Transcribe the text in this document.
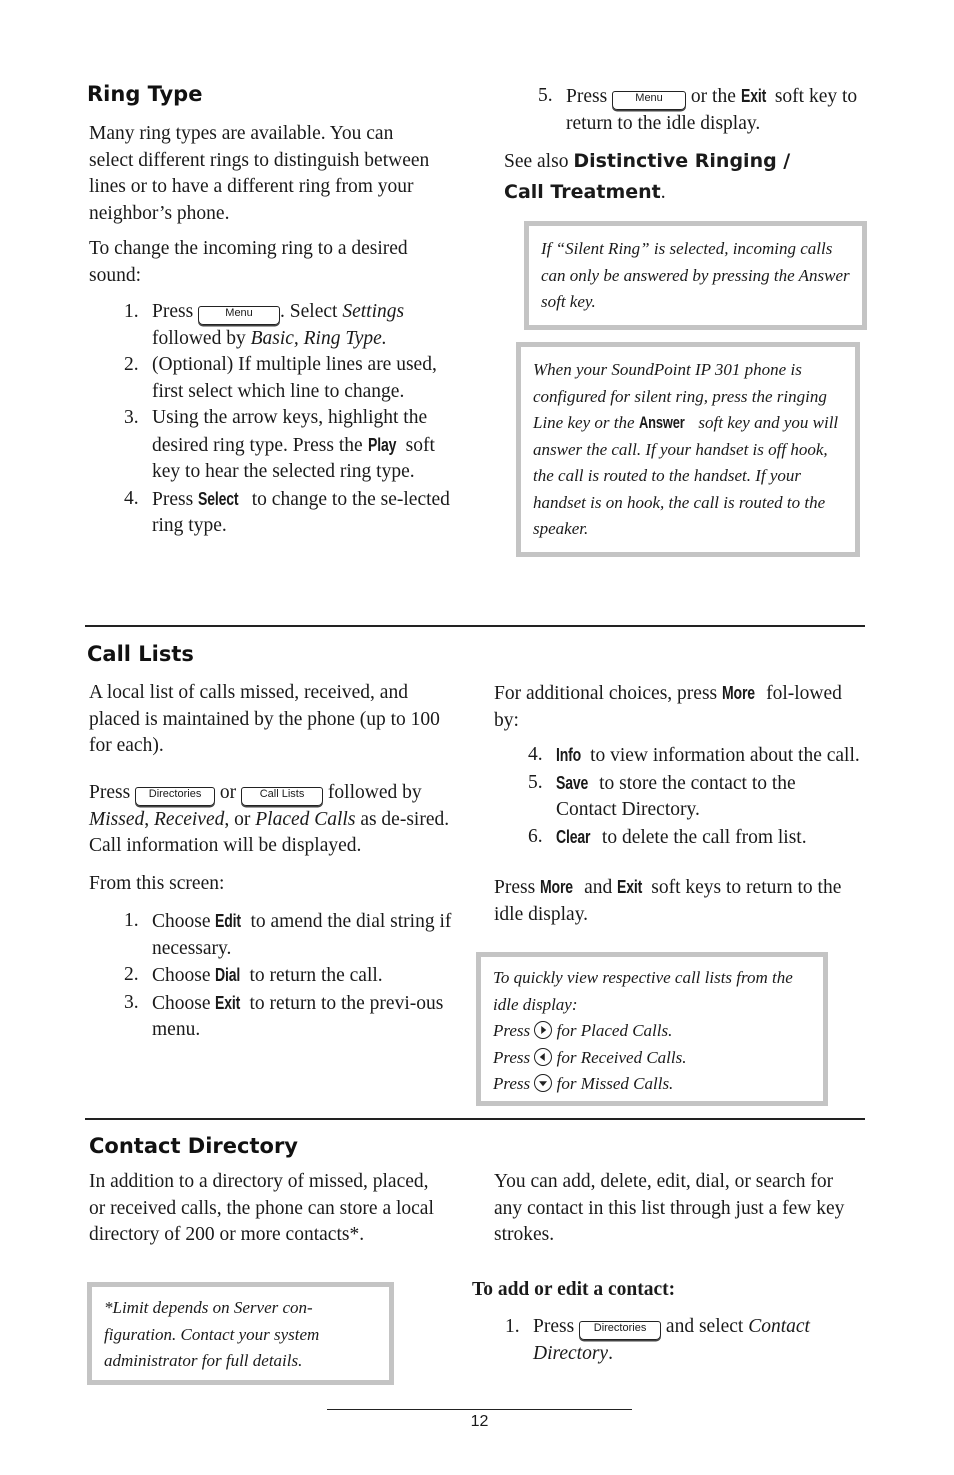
Ring Type

Many ring types are available. You can select different rings to distinguish between lines or to have a different ring from your neighbor’s phone.

To change the incoming ring to a desired sound:

1. Press	Menu . Select Settings followed by Basic, Ring Type.
2. (Optional) If multiple lines are used, first select which line to change.
3. Using the arrow keys, highlight the desired ring type. Press the Play soft key to hear the selected ring type.
4. Press Select to change to the se-lected ring type.
5. Press	Menu or the Exit soft key to return to the idle display.
See also Distinctive Ringing /
Call Treatment.
If “Silent Ring” is selected, incoming calls can only be answered by pressing the Answer soft key.
When your SoundPoint IP 301 phone is configured for silent ring, press the ringing Line key or the Answer soft key and you will answer the call. If your handset is off hook, the call is routed to the handset. If your handset is on hook, the call is routed to the speaker.
Call Lists

A local list of calls missed, received, and placed is maintained by the phone (up to 100 for each).

Press Directories or Call Lists followed by Missed, Received, or Placed Calls as de-sired. Call information will be displayed.

From this screen:

1. Choose Edit to amend the dial string if necessary.
2. Choose Dial to return the call.
3. Choose Exit to return to the previ-ous menu.
For additional choices, press More fol-lowed by:
4. Info to view information about the call.
5. Save to store the contact to the Contact Directory.
6. Clear to delete the call from list.
Press More and Exit soft keys to return to the idle display.
To quickly view respective call lists from the idle display:
Press for Placed Calls.
Press for Received Calls.
Press for Missed Calls.
Contact Directory

In addition to a directory of missed, placed, or received calls, the phone can store a local directory of 200 or more contacts*.

*Limit depends on Server con-figuration. Contact your system administrator for full details.

You can add, delete, edit, dial, or search for any contact in this list through just a few key strokes.

To add or edit a contact:
1. Press Directories and select Contact Directory.
12
